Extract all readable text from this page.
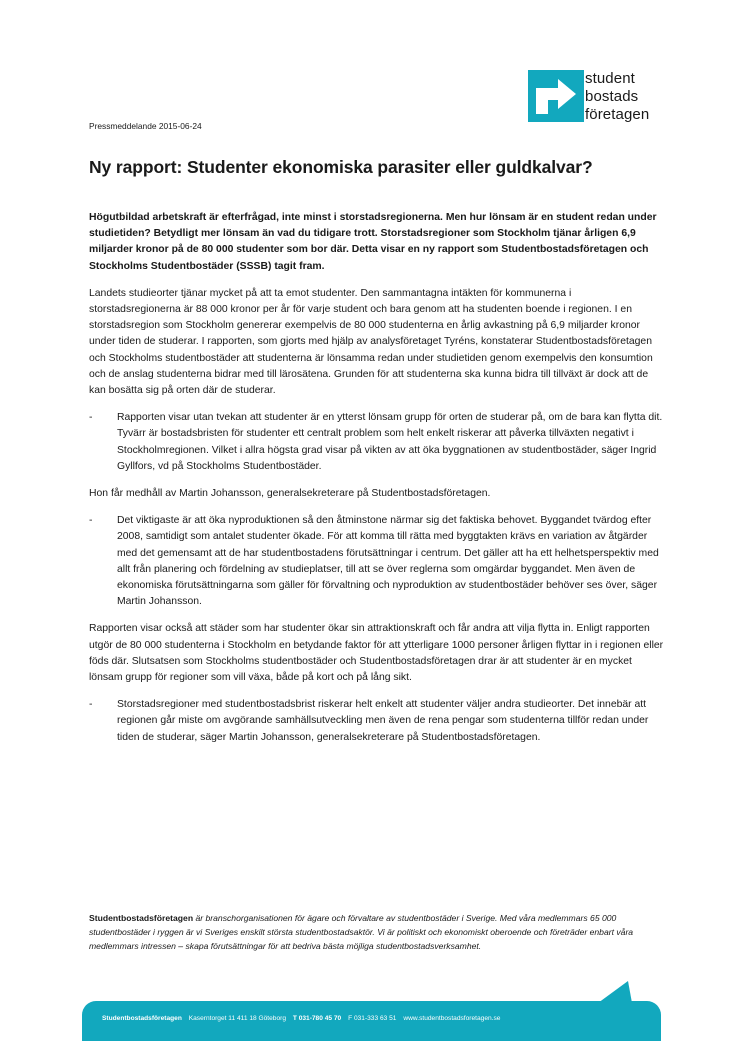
student
bostads
företagen
Pressmeddelande 2015-06-24
Ny rapport: Studenter ekonomiska parasiter eller guldkalvar?

Högutbildad arbetskraft är efterfrågad, inte minst i storstadsregionerna. Men hur lönsam är en student redan under studietiden? Betydligt mer lönsam än vad du tidigare trott. Storstadsregioner som Stockholm tjänar årligen 6,9 miljarder kronor på de 80 000 studenter som bor där. Detta visar en ny rapport som Studentbostadsföretagen och Stockholms Studentbostäder (SSSB) tagit fram.

Landets studieorter tjänar mycket på att ta emot studenter. Den sammantagna intäkten för kommunerna i storstadsregionerna är 88 000 kronor per år för varje student och bara genom att ha studenten boende i regionen. I en storstadsregion som Stockholm genererar exempelvis de 80 000 studenterna en årlig avkastning på 6,9 miljarder kronor under tiden de studerar. I rapporten, som gjorts med hjälp av analysföretaget Tyréns, konstaterar Studentbostadsföretagen och Stockholms studentbostäder att studenterna är lönsamma redan under studietiden genom exempelvis den konsumtion och de anslag studenterna bidrar med till lärosätena. Grunden för att studenterna ska kunna bidra till tillväxt är dock att de kan bosätta sig på orten där de studerar.

- Rapporten visar utan tvekan att studenter är en ytterst lönsam grupp för orten de studerar på, om de bara kan flytta dit. Tyvärr är bostadsbristen för studenter ett centralt problem som helt enkelt riskerar att påverka tillväxten negativt i Stockholmregionen. Vilket i allra högsta grad visar på vikten av att öka byggnationen av studentbostäder, säger Ingrid Gyllfors, vd på Stockholms Studentbostäder.

Hon får medhåll av Martin Johansson, generalsekreterare på Studentbostadsföretagen.

- Det viktigaste är att öka nyproduktionen så den åtminstone närmar sig det faktiska behovet. Byggandet tvärdog efter 2008, samtidigt som antalet studenter ökade. För att komma till rätta med byggtakten krävs en variation av åtgärder med det gemensamt att de har studentbostadens förutsättningar i centrum. Det gäller att ha ett helhetsperspektiv med allt från planering och fördelning av studieplatser, till att se över reglerna som omgärdar byggandet. Men även de ekonomiska förutsättningarna som gäller för förvaltning och nyproduktion av studentbostäder behöver ses över, säger Martin Johansson.

Rapporten visar också att städer som har studenter ökar sin attraktionskraft och får andra att vilja flytta in. Enligt rapporten utgör de 80 000 studenterna i Stockholm en betydande faktor för att ytterligare 1000 personer årligen flyttar in i regionen eller föds där. Slutsatsen som Stockholms studentbostäder och Studentbostadsföretagen drar är att studenter är en mycket lönsam grupp för regioner som vill växa, både på kort och på lång sikt.

- Storstadsregioner med studentbostadsbrist riskerar helt enkelt att studenter väljer andra studieorter. Det innebär att regionen går miste om avgörande samhällsutveckling men även de rena pengar som studenterna tillför redan under tiden de studerar, säger Martin Johansson, generalsekreterare på Studentbostadsföretagen.
Studentbostadsföretagen är branschorganisationen för ägare och förvaltare av studentbostäder i Sverige. Med våra medlemmars 65 000 studentbostäder i ryggen är vi Sveriges enskilt största studentbostadsaktör. Vi är politiskt och ekonomiskt oberoende och företräder enbart våra medlemmars intressen – skapa förutsättningar för att bedriva bästa möjliga studentbostadsverksamhet.
Studentbostadsföretagen Kaserntorget 11 411 18 Göteborg T 031-780 45 70 F 031-333 63 51 www.studentbostadsforetagen.se
